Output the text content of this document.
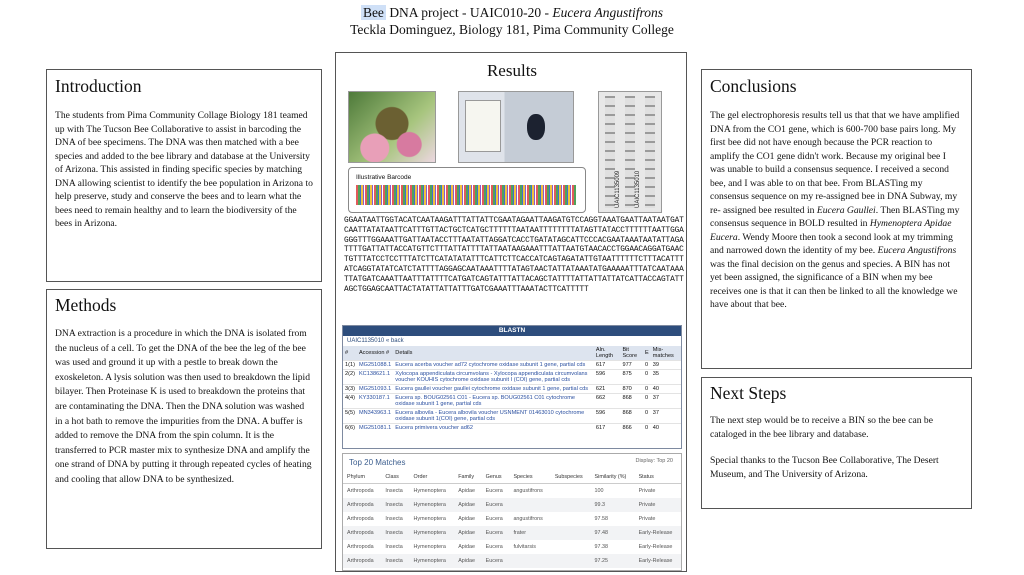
Bee DNA project - UAIC010-20 - Eucera Angustifrons
Teckla Dominguez, Biology 181, Pima Community College
Introduction

The students from Pima Community Collage Biology 181 teamed up with The Tucson Bee Collaborative to assist in barcoding the DNA of bee specimens. The DNA was then matched with a bee species and added to the bee library and database at the University of Arizona. This assisted in finding specific species by matching DNA allowing scientist to identify the bee population in Arizona to help preserve, study and conserve the bees and to learn what the bees need to remain healthy and to learn the biodiversity of the bees in Arizona.

Methods

DNA extraction is a procedure in which the DNA is isolated from the nucleus of a cell. To get the DNA of the bee the leg of the bee was used and ground it up with a pestle to break down the exoskeleton. A lysis solution was then used to breakdown the lipid bilayer. Then Proteinase K is used to breakdown the proteins that are contaminating the DNA. Then the DNA solution was washed in a hot bath to remove the impurities from the DNA. A buffer is added to remove the DNA from the spin column. It is the transferred to PCR master mix to synthesize DNA and amplify the one strand of DNA by putting it through repeated cycles of heating and cooling that allow DNA to be synthesized.

Results
UAIC1135009 UAIC1135010
Illustrative Barcode
GGAATAATTGGTACATCAATAAGATTTATTATTCGAATAGAATTAAGATGTCCAGGTAAATGAATTAATAATGATCAATTATATAATTCATTTGTTACTGCTCATGCTTTTTTAATAATTTTTTTTATAGTTATACCTTTTTTAATTGGAGGGTTTGGAAATTGATTAATACCTTTAATATTAGGATCACCTGATATAGCATTCCCACGAATAAATAATATTAGATTTTGATTATTACCATGTTCTTTATTATTTTATTAATAAGAAATTTATTAATGTAACACCTGGAACAGGATGAACTGTTTATCCTCCTTTATCTTCATATATATTTCATTCTTCACCATCAGTAGATATTGTAATTTTTTCTTTACATTTATCAGGTATATCATCTATTTTAGGAGCAATAAATTTTATAGTAACTATTATAAATATGAAAAATTTATCAATAAATTATGATCAAATTAATTTATTTTCATGATCAGTATTTATTACAGCTATTTTATTATTATTATCATTACCAGTATTAGCTGGAGCAATTACTATATTATTATTTGATCGAAATTTAAATACTTCATTTTT
BLASTN
UAIC1135010 « back
#	Accession #	Details	Aln. Length	Bit Score	E	Mis-matches
1(1)	MG251088.1	Eucera acerba voucher ad72 cytochrome oxidase subunit 1 gene, partial cds	617	977	0	39
2(2)	KC138621.1	Xylocopa appendiculata circumvolans - Xylocopa appendiculata circumvolans voucher KOUHIS cytochrome oxidase subunit I (COI) gene, partial cds	596	875	0	35
3(3)	MG251093.1	Eucera gaullei voucher gaullei cytochrome oxidase subunit 1 gene, partial cds	621	870	0	40
4(4)	KY330187.1	Eucera sp. BOUG02561 C01 - Eucera sp. BOUG02561 C01 cytochrome oxidase subunit 1 gene, partial cds	662	868	0	37
5(5)	MN343963.1	Eucera albovila - Eucera albovila voucher USNMENT 01463010 cytochrome oxidase subunit 1(COI) gene, partial cds	596	868	0	37
6(6)	MG251081.1	Eucera primivera voucher ad62	617	866	0	40
Top 20 Matches	Display: Top 20
Phylum	Class	Order	Family	Genus	Species	Subspecies	Similarity (%)	Status
Arthropoda	Insecta	Hymenoptera	Apidae	Eucera	angustifrons		100	Private
Arthropoda	Insecta	Hymenoptera	Apidae	Eucera			99.3	Private
Arthropoda	Insecta	Hymenoptera	Apidae	Eucera	angustifrons		97.58	Private
Arthropoda	Insecta	Hymenoptera	Apidae	Eucera	frater		97.48	Early-Release
Arthropoda	Insecta	Hymenoptera	Apidae	Eucera	fulvitarsis		97.38	Early-Release
Arthropoda	Insecta	Hymenoptera	Apidae	Eucera			97.25	Early-Release
Conclusions

The gel electrophoresis results tell us that that we have amplified DNA from the CO1 gene, which is 600-700 base pairs long. My first bee did not have enough because the PCR reaction to amplify the CO1 gene didn't work. Because my original bee I was unable to build a consensus sequence. I received a second bee, and I was able to on that bee. From BLASTing my consensus sequence on my re-assigned bee in DNA Subway, my re- assigned bee resulted in Eucera Gaullei. Then BLASTing my consensus sequence in BOLD resulted in Hymenoptera Apidae Eucera. Wendy Moore then took a second look at my trimming and narrowed down the identity of my bee. Eucera Angustifrons was the final decision on the genus and species. A BIN has not yet been assigned, the significance of a BIN when my bee receives one is that it can then be linked to all the knowledge we have about that bee.

Next Steps

The next step would be to receive a BIN so the bee can be cataloged in the bee library and database.

Special thanks to the Tucson Bee Collaborative, The Desert Museum, and The University of Arizona.
